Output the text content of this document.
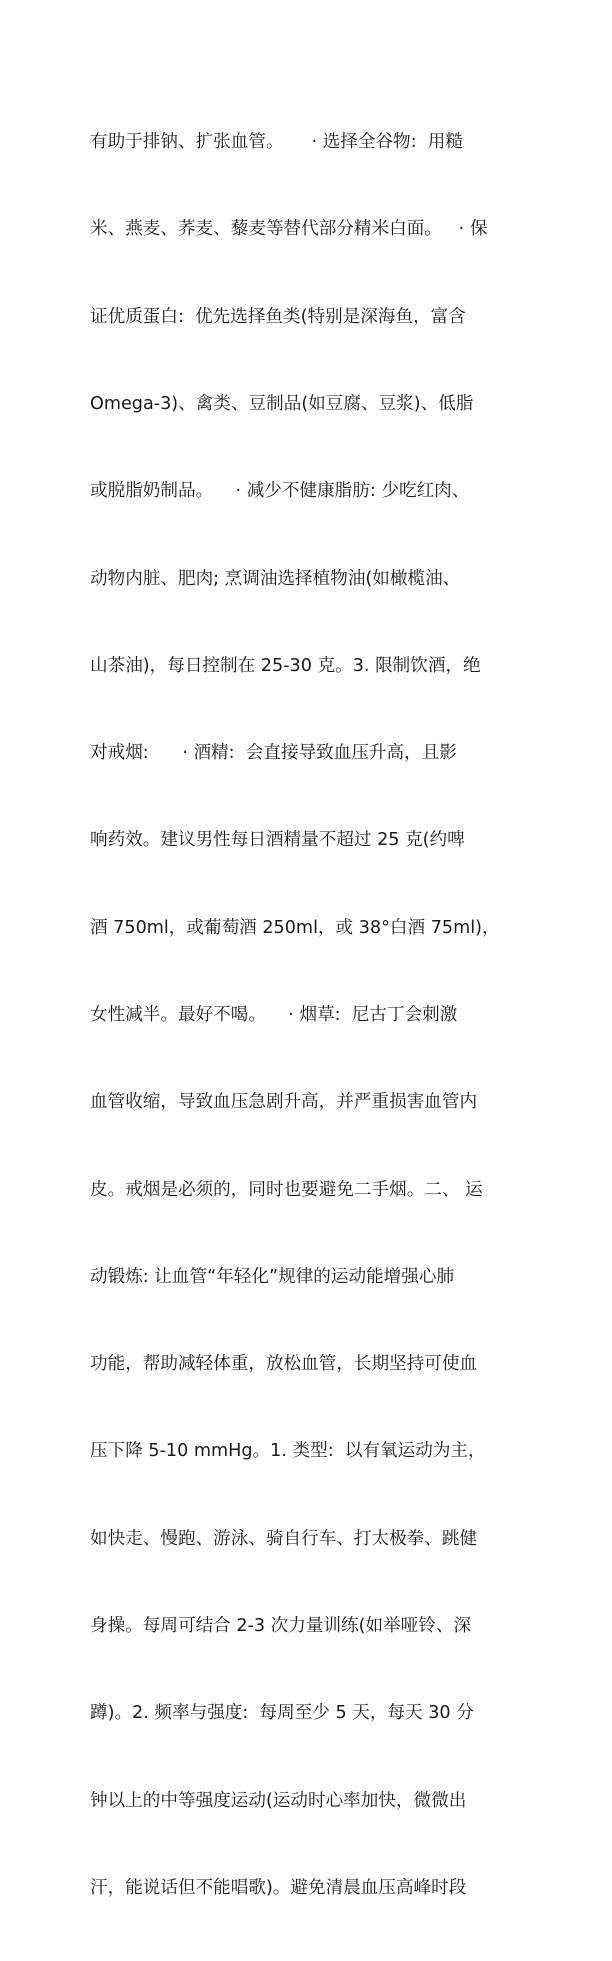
有助于排钠、扩张血管。     · 选择全谷物:  用糙

米、燕麦、荞麦、藜麦等替代部分精米白面。   · 保

证优质蛋白:  优先选择鱼类(特别是深海鱼，富含

Omega-3)、禽类、豆制品(如豆腐、豆浆)、低脂

或脱脂奶制品。    · 减少不健康脂肪: 少吃红肉、

动物内脏、肥肉; 烹调油选择植物油(如橄榄油、

山茶油)，每日控制在 25-30 克。3. 限制饮酒，绝

对戒烟:      · 酒精:  会直接导致血压升高，且影

响药效。建议男性每日酒精量不超过 25 克(约啤

酒 750ml，或葡萄酒 250ml，或 38°白酒 75ml)，

女性减半。最好不喝。    · 烟草:  尼古丁会刺激

血管收缩，导致血压急剧升高，并严重损害血管内

皮。戒烟是必须的，同时也要避免二手烟。二、 运

动锻炼: 让血管“年轻化”规律的运动能增强心肺

功能，帮助减轻体重，放松血管，长期坚持可使血

压下降 5-10 mmHg。1. 类型:  以有氧运动为主，

如快走、慢跑、游泳、骑自行车、打太极拳、跳健

身操。每周可结合 2-3 次力量训练(如举哑铃、深

蹲)。2. 频率与强度:  每周至少 5 天，每天 30 分

钟以上的中等强度运动(运动时心率加快，微微出

汗，能说话但不能唱歌)。避免清晨血压高峰时段
